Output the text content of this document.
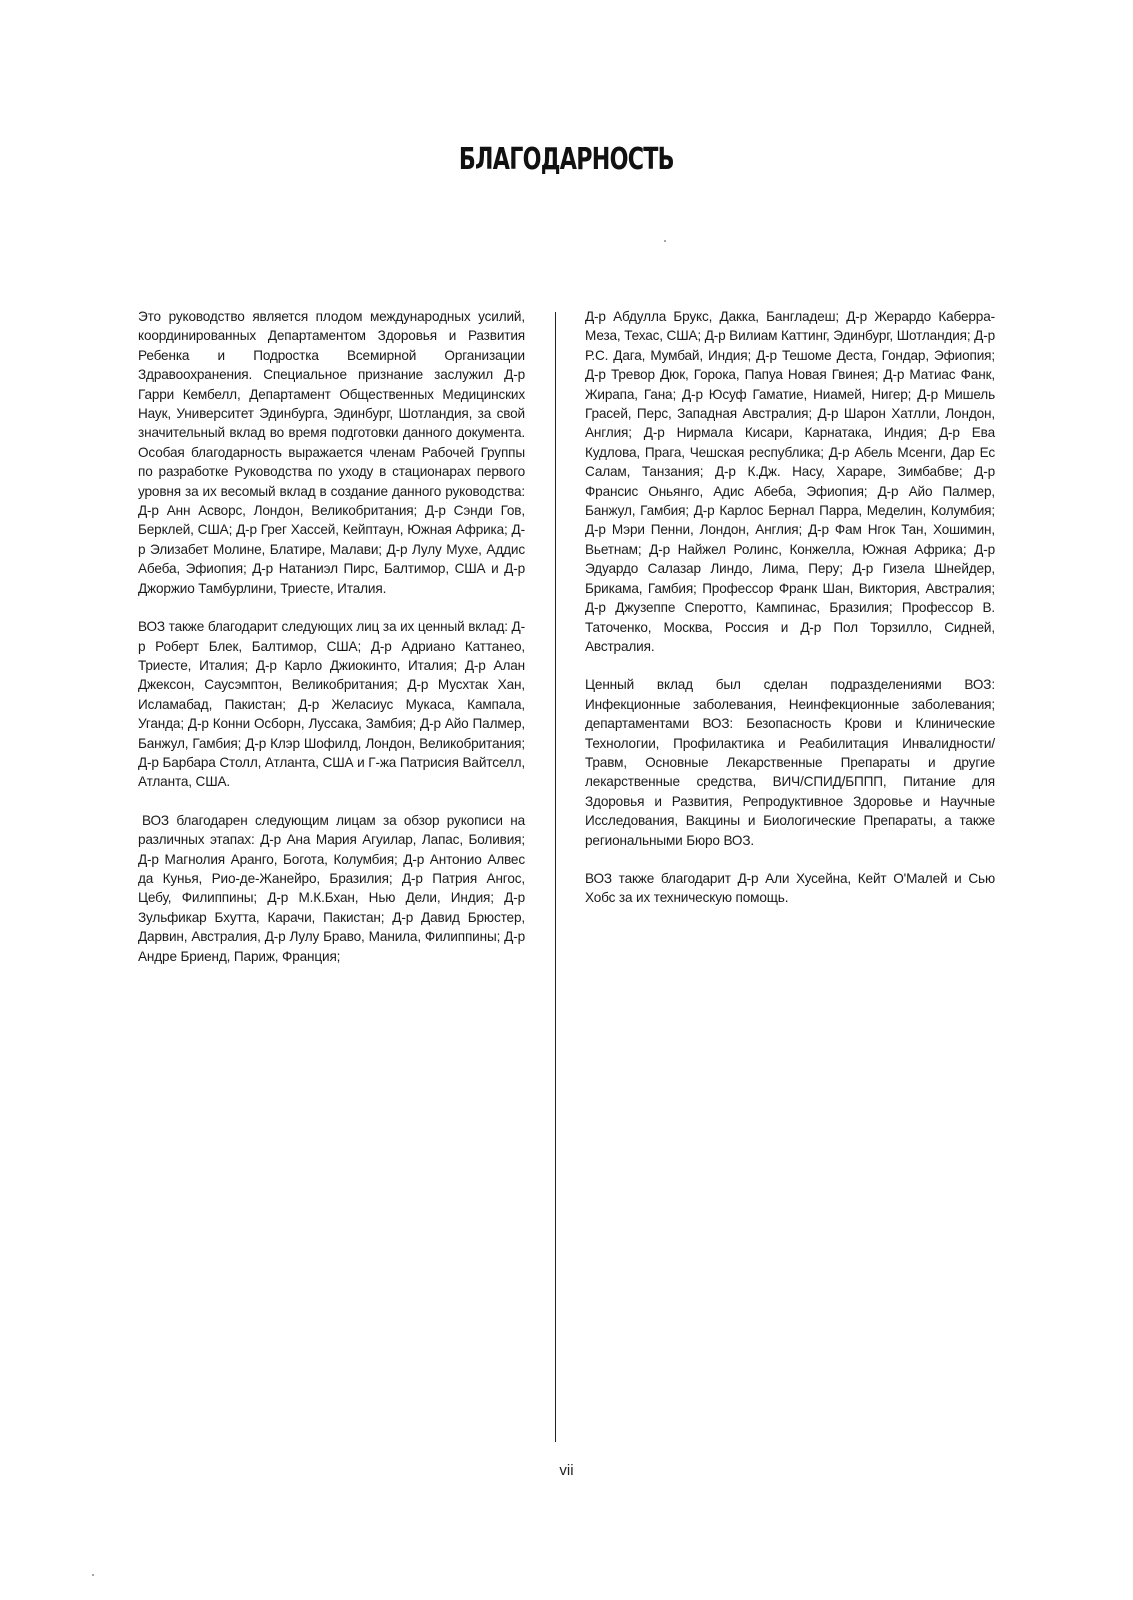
БЛАГОДАРНОСТЬ

Это руководство является плодом международных усилий, координированных Департаментом Здоровья и Развития Ребенка и Подростка Всемирной Организации Здравоохранения. Специальное признание заслужил Д-р Гарри Кембелл, Департамент Общественных Медицинских Наук, Университет Эдинбурга, Эдинбург, Шотландия, за свой значительный вклад во время подготовки данного документа. Особая благодарность выражается членам Рабочей Группы по разработке Руководства по уходу в стационарах первого уровня за их весомый вклад в создание данного руководства: Д-р Анн Асворс, Лондон, Великобритания; Д-р Сэнди Гов, Берклей, США; Д-р Грег Хассей, Кейптаун, Южная Африка; Д-р Элизабет Молине, Блатире, Малави; Д-р Лулу Мухе, Аддис Абеба, Эфиопия; Д-р Натаниэл Пирс, Балтимор, США и Д-р Джоржио Тамбурлини, Триесте, Италия.

ВОЗ также благодарит следующих лиц за их ценный вклад: Д-р Роберт Блек, Балтимор, США; Д-р Адриано Каттанео, Триесте, Италия; Д-р Карло Джиокинто, Италия; Д-р Алан Джексон, Саусэмптон, Великобритания; Д-р Мусхтак Хан, Исламабад, Пакистан; Д-р Желасиус Мукаса, Кампала, Уганда; Д-р Конни Осборн, Луссака, Замбия; Д-р Айо Палмер, Банжул, Гамбия; Д-р Клэр Шофилд, Лондон, Великобритания; Д-р Барбара Столл, Атланта, США и Г-жа Патрисия Вайтселл, Атланта, США.

ВОЗ благодарен следующим лицам за обзор рукописи на различных этапах: Д-р Ана Мария Агуилар, Лапас, Боливия; Д-р Магнолия Аранго, Богота, Колумбия; Д-р Антонио Алвес да Кунья, Рио-де-Жанейро, Бразилия; Д-р Патрия Ангос, Цебу, Филиппины; Д-р М.К.Бхан, Нью Дели, Индия; Д-р Зульфикар Бхутта, Карачи, Пакистан; Д-р Давид Брюстер, Дарвин, Австралия, Д-р Лулу Браво, Манила, Филиппины; Д-р Андре Бриенд, Париж, Франция;

Д-р Абдулла Брукс, Дакка, Бангладеш; Д-р Жерардо Каберра-Меза, Техас, США; Д-р Вилиам Каттинг, Эдинбург, Шотландия; Д-р Р.С. Дага, Мумбай, Индия; Д-р Тешоме Деста, Гондар, Эфиопия; Д-р Тревор Дюк, Горока, Папуа Новая Гвинея; Д-р Матиас Фанк, Жирапа, Гана; Д-р Юсуф Гаматие, Ниамей, Нигер; Д-р Мишель Грасей, Перс, Западная Австралия; Д-р Шарон Хатлли, Лондон, Англия; Д-р Нирмала Кисари, Карнатака, Индия; Д-р Ева Кудлова, Прага, Чешская республика; Д-р Абель Мсенги, Дар Ес Салам, Танзания; Д-р К.Дж. Насу, Хараре, Зимбабве; Д-р Франсис Оньянго, Адис Абеба, Эфиопия; Д-р Айо Палмер, Банжул, Гамбия; Д-р Карлос Бернал Парра, Меделин, Колумбия; Д-р Мэри Пенни, Лондон, Англия; Д-р Фам Нгок Тан, Хошимин, Вьетнам; Д-р Найжел Ролинс, Конжелла, Южная Африка; Д-р Эдуардо Салазар Линдо, Лима, Перу; Д-р Гизела Шнейдер, Брикама, Гамбия; Профессор Франк Шан, Виктория, Австралия; Д-р Джузеппе Сперотто, Кампинас, Бразилия; Профессор В. Таточенко, Москва, Россия и Д-р Пол Торзилло, Сидней, Австралия.

Ценный вклад был сделан подразделениями ВОЗ: Инфекционные заболевания, Неинфекционные заболевания; департаментами ВОЗ: Безопасность Крови и Клинические Технологии, Профилактика и Реабилитация Инвалидности/Травм, Основные Лекарственные Препараты и другие лекарственные средства, ВИЧ/СПИД/БППП, Питание для Здоровья и Развития, Репродуктивное Здоровье и Научные Исследования, Вакцины и Биологические Препараты, а также региональными Бюро ВОЗ.

ВОЗ также благодарит Д-р Али Хусейна, Кейт О'Малей и Сью Хобс за их техническую помощь.

vii
